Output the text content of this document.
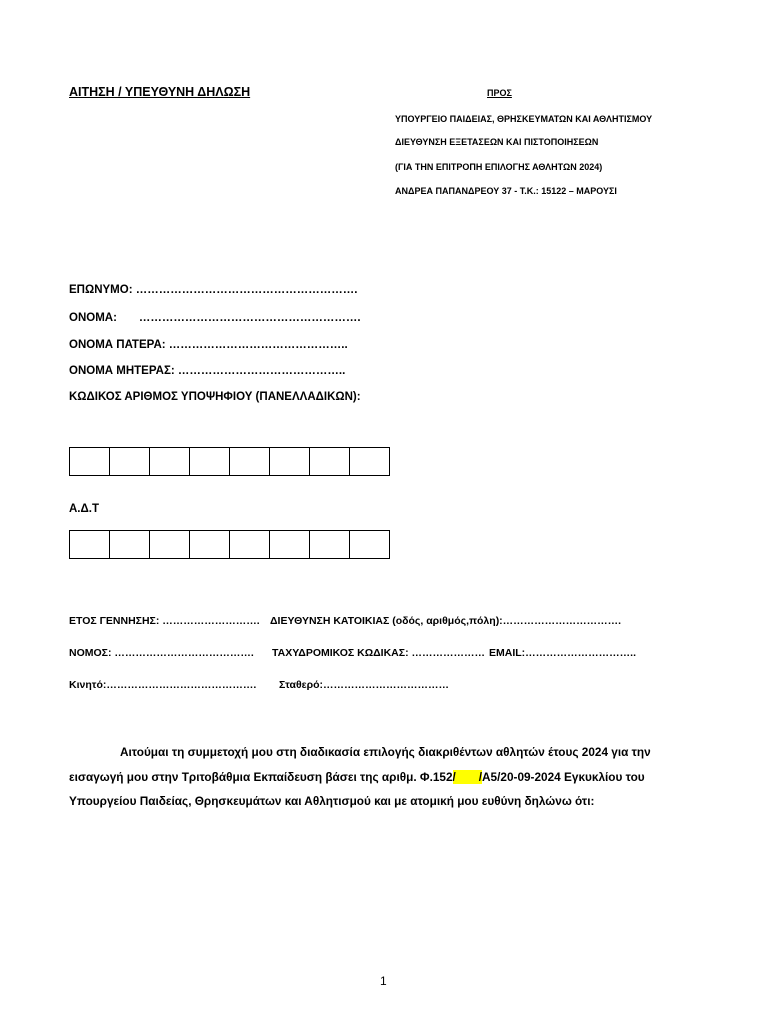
ΑΙΤΗΣΗ / ΥΠΕΥΘΥΝΗ ΔΗΛΩΣΗ	ΠΡΟΣ
ΥΠΟΥΡΓΕΙΟ ΠΑΙΔΕΙΑΣ, ΘΡΗΣΚΕΥΜΑΤΩΝ ΚΑΙ ΑΘΛΗΤΙΣΜΟΥ
ΔΙΕΥΘΥΝΣΗ ΕΞΕΤΑΣΕΩΝ ΚΑΙ ΠΙΣΤΟΠΟΙΗΣΕΩΝ
(ΓΙΑ ΤΗΝ ΕΠΙΤΡΟΠΗ ΕΠΙΛΟΓΗΣ ΑΘΛΗΤΩΝ 2024)
ΑΝΔΡΕΑ ΠΑΠΑΝΔΡΕΟΥ 37 - Τ.Κ.: 15122 – ΜΑΡΟΥΣΙ
ΕΠΩΝΥΜΟ: ………………………………………………….
ΟΝΟΜΑ: ………………………………………………….
ΟΝΟΜΑ ΠΑΤΕΡΑ: ………………………………………..
ΟΝΟΜΑ ΜΗΤΕΡΑΣ: ……………………………………..
ΚΩΔΙΚΟΣ ΑΡΙΘΜΟΣ ΥΠΟΨΗΦΙΟΥ (ΠΑΝΕΛΛΑΔΙΚΩΝ):
Α.Δ.Τ
ΕΤΟΣ ΓΕΝΝΗΣΗΣ: ………………………. ΔΙΕΥΘΥΝΣΗ ΚΑΤΟΙΚΙΑΣ (οδός, αριθμός,πόλη):…………………………….
ΝΟΜΟΣ: …………………………………. ΤΑΧΥΔΡΟΜΙΚΟΣ ΚΩΔΙΚΑΣ: ………………… EMAIL:…………………………..
Κινητό:……………………………………. Σταθερό:………………………………
Αιτούμαι τη συμμετοχή μου στη διαδικασία επιλογής διακριθέντων αθλητών έτους 2024 για την εισαγωγή μου στην Τριτοβάθμια Εκπαίδευση βάσει της αριθμ. Φ.152/       /Α5/20-09-2024 Εγκυκλίου του Υπουργείου Παιδείας, Θρησκευμάτων και Αθλητισμού και με ατομική μου ευθύνη δηλώνω ότι:
1
